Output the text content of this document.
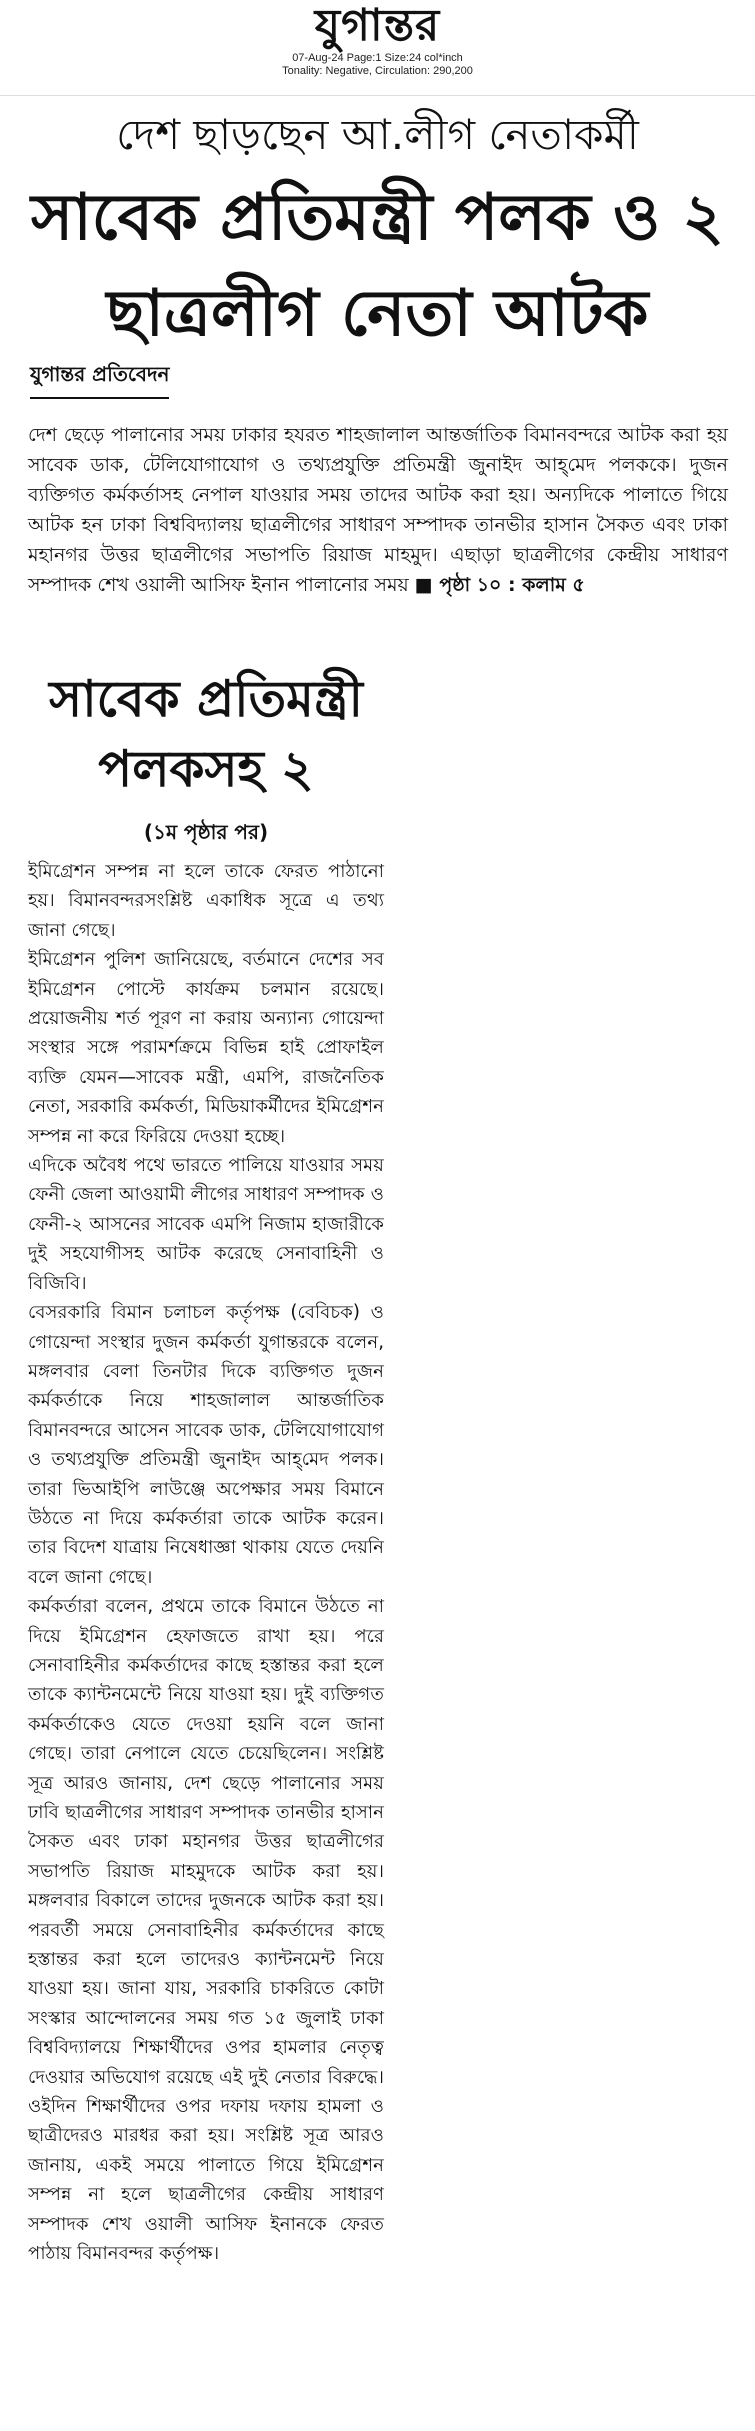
যুগান্তর
07-Aug-24 Page:1 Size:24 col*inch
Tonality: Negative, Circulation: 290,200
দেশ ছাড়ছেন আ.লীগ নেতাকর্মী
সাবেক প্রতিমন্ত্রী পলক ও ২ ছাত্রলীগ নেতা আটক
যুগান্তর প্রতিবেদন
দেশ ছেড়ে পালানোর সময় ঢাকার হযরত শাহজালাল আন্তর্জাতিক বিমানবন্দরে আটক করা হয় সাবেক ডাক, টেলিযোগাযোগ ও তথ্যপ্রযুক্তি প্রতিমন্ত্রী জুনাইদ আহ্‌মেদ পলককে। দুজন ব্যক্তিগত কর্মকর্তাসহ নেপাল যাওয়ার সময় তাদের আটক করা হয়। অন্যদিকে পালাতে গিয়ে আটক হন ঢাকা বিশ্ববিদ্যালয় ছাত্রলীগের সাধারণ সম্পাদক তানভীর হাসান সৈকত এবং ঢাকা মহানগর উত্তর ছাত্রলীগের সভাপতি রিয়াজ মাহমুদ। এছাড়া ছাত্রলীগের কেন্দ্রীয় সাধারণ সম্পাদক শেখ ওয়ালী আসিফ ইনান পালানোর সময় ■ পৃষ্ঠা ১০ : কলাম ৫
সাবেক প্রতিমন্ত্রী পলকসহ ২
(১ম পৃষ্ঠার পর)

ইমিগ্রেশন সম্পন্ন না হলে তাকে ফেরত পাঠানো হয়। বিমানবন্দরসংশ্লিষ্ট একাধিক সূত্রে এ তথ্য জানা গেছে।

ইমিগ্রেশন পুলিশ জানিয়েছে, বর্তমানে দেশের সব ইমিগ্রেশন পোস্টে কার্যক্রম চলমান রয়েছে। প্রয়োজনীয় শর্ত পূরণ না করায় অন্যান্য গোয়েন্দা সংস্থার সঙ্গে পরামর্শক্রমে বিভিন্ন হাই প্রোফাইল ব্যক্তি যেমন—সাবেক মন্ত্রী, এমপি, রাজনৈতিক নেতা, সরকারি কর্মকর্তা, মিডিয়াকর্মীদের ইমিগ্রেশন সম্পন্ন না করে ফিরিয়ে দেওয়া হচ্ছে।

এদিকে অবৈধ পথে ভারতে পালিয়ে যাওয়ার সময় ফেনী জেলা আওয়ামী লীগের সাধারণ সম্পাদক ও ফেনী-২ আসনের সাবেক এমপি নিজাম হাজারীকে দুই সহযোগীসহ আটক করেছে সেনাবাহিনী ও বিজিবি।

বেসরকারি বিমান চলাচল কর্তৃপক্ষ (বেবিচক) ও গোয়েন্দা সংস্থার দুজন কর্মকর্তা যুগান্তরকে বলেন, মঙ্গলবার বেলা তিনটার দিকে ব্যক্তিগত দুজন কর্মকর্তাকে নিয়ে শাহজালাল আন্তর্জাতিক বিমানবন্দরে আসেন সাবেক ডাক, টেলিযোগাযোগ ও তথ্যপ্রযুক্তি প্রতিমন্ত্রী জুনাইদ আহ্‌মেদ পলক। তারা ভিআইপি লাউঞ্জে অপেক্ষার সময় বিমানে উঠতে না দিয়ে কর্মকর্তারা তাকে আটক করেন। তার বিদেশ যাত্রায় নিষেধাজ্ঞা থাকায় যেতে দেয়নি বলে জানা গেছে।

কর্মকর্তারা বলেন, প্রথমে তাকে বিমানে উঠতে না দিয়ে ইমিগ্রেশন হেফাজতে রাখা হয়। পরে সেনাবাহিনীর কর্মকর্তাদের কাছে হস্তান্তর করা হলে তাকে ক্যান্টনমেন্টে নিয়ে যাওয়া হয়। দুই ব্যক্তিগত কর্মকর্তাকেও যেতে দেওয়া হয়নি বলে জানা গেছে। তারা নেপালে যেতে চেয়েছিলেন। সংশ্লিষ্ট সূত্র আরও জানায়, দেশ ছেড়ে পালানোর সময় ঢাবি ছাত্রলীগের সাধারণ সম্পাদক তানভীর হাসান সৈকত এবং ঢাকা মহানগর উত্তর ছাত্রলীগের সভাপতি রিয়াজ মাহমুদকে আটক করা হয়। মঙ্গলবার বিকালে তাদের দুজনকে আটক করা হয়। পরবর্তী সময়ে সেনাবাহিনীর কর্মকর্তাদের কাছে হস্তান্তর করা হলে তাদেরও ক্যান্টনমেন্ট নিয়ে যাওয়া হয়। জানা যায়, সরকারি চাকরিতে কোটা সংস্কার আন্দোলনের সময় গত ১৫ জুলাই ঢাকা বিশ্ববিদ্যালয়ে শিক্ষার্থীদের ওপর হামলার নেতৃত্ব দেওয়ার অভিযোগ রয়েছে এই দুই নেতার বিরুদ্ধে। ওইদিন শিক্ষার্থীদের ওপর দফায় দফায় হামলা ও ছাত্রীদেরও মারধর করা হয়। সংশ্লিষ্ট সূত্র আরও জানায়, একই সময়ে পালাতে গিয়ে ইমিগ্রেশন সম্পন্ন না হলে ছাত্রলীগের কেন্দ্রীয় সাধারণ সম্পাদক শেখ ওয়ালী আসিফ ইনানকে ফেরত পাঠায় বিমানবন্দর কর্তৃপক্ষ।
